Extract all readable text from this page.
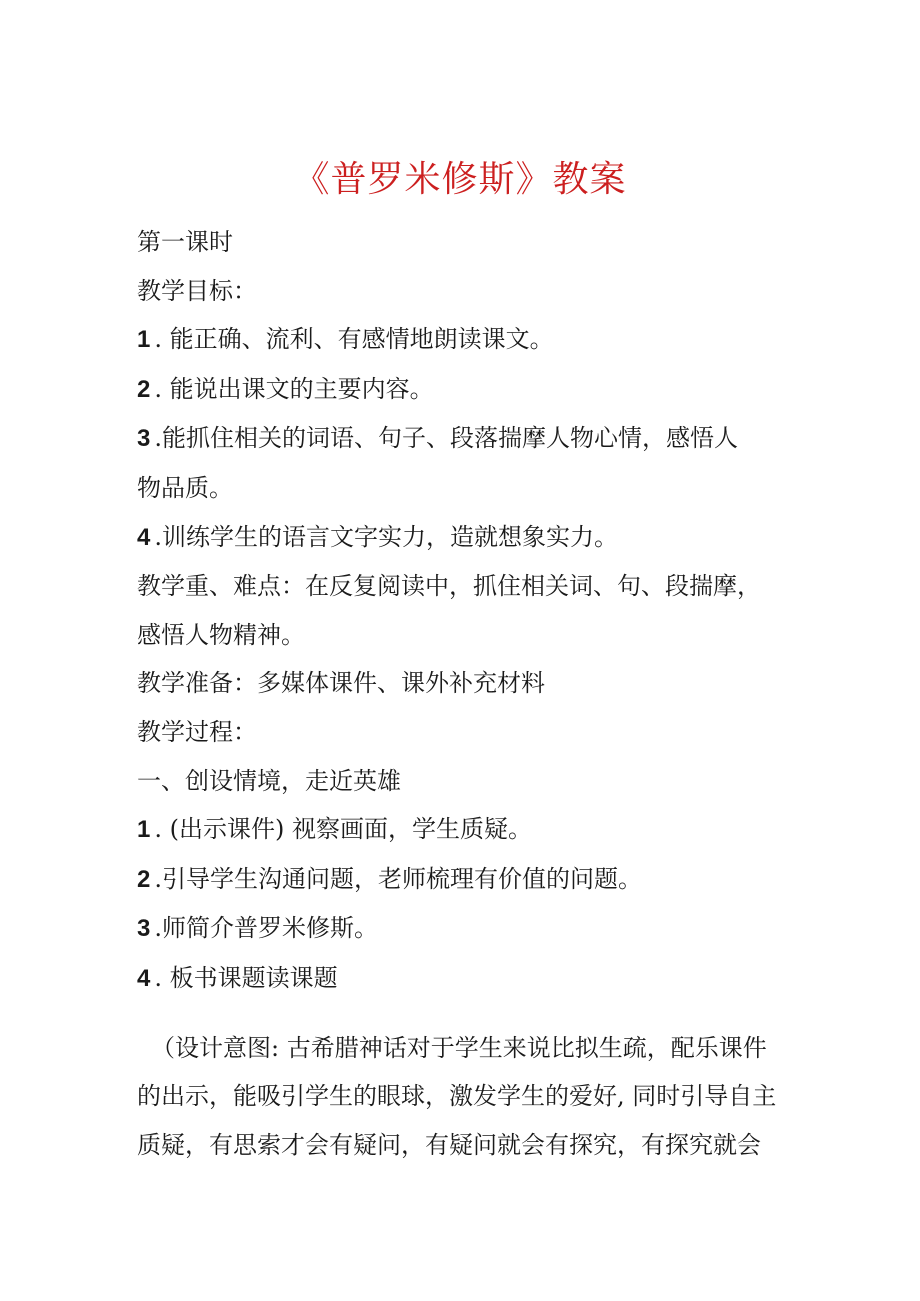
《普罗米修斯》教案
第一课时
教学目标：
1 . 能正确、流利、有感情地朗读课文。
2 . 能说出课文的主要内容。
3 .能抓住相关的词语、句子、段落揣摩人物心情，感悟人
物品质。
4 .训练学生的语言文字实力，造就想象实力。
教学重、难点：在反复阅读中，抓住相关词、句、段揣摩，
感悟人物精神。
教学准备：多媒体课件、课外补充材料
教学过程：
一、创设情境，走近英雄
1 . (出示课件) 视察画面，学生质疑。
2 .引导学生沟通问题，老师梳理有价值的问题。
3 .师简介普罗米修斯。
4 . 板书课题读课题
（设计意图: 古希腊神话对于学生来说比拟生疏，配乐课件
的出示，能吸引学生的眼球，激发学生的爱好, 同时引导自主
质疑，有思索才会有疑问，有疑问就会有探究，有探究就会
